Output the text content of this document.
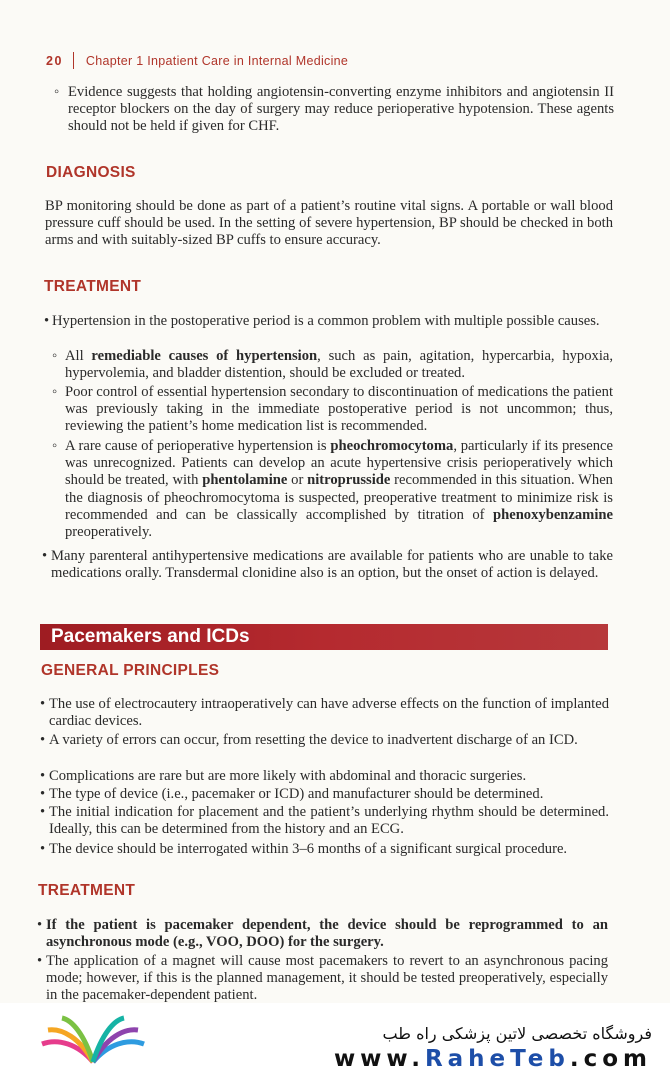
20 Chapter 1 Inpatient Care in Internal Medicine
◦ Evidence suggests that holding angiotensin-converting enzyme inhibitors and angiotensin II receptor blockers on the day of surgery may reduce perioperative hypotension. These agents should not be held if given for CHF.

DIAGNOSIS

BP monitoring should be done as part of a patient’s routine vital signs. A portable or wall blood pressure cuff should be used. In the setting of severe hypertension, BP should be checked in both arms and with suitably-sized BP cuffs to ensure accuracy.

TREATMENT
• Hypertension in the postoperative period is a common problem with multiple possible causes.

◦ All remediable causes of hypertension, such as pain, agitation, hypercarbia, hypoxia, hypervolemia, and bladder distention, should be excluded or treated.

◦ Poor control of essential hypertension secondary to discontinuation of medications the patient was previously taking in the immediate postoperative period is not uncommon; thus, reviewing the patient’s home medication list is recommended.

◦ A rare cause of perioperative hypertension is pheochromocytoma, particularly if its presence was unrecognized. Patients can develop an acute hypertensive crisis perioperatively which should be treated, with phentolamine or nitroprusside recommended in this situation. When the diagnosis of pheochromocytoma is suspected, preoperative treatment to minimize risk is recommended and can be classically accomplished by titration of phenoxybenzamine preoperatively.

• Many parenteral antihypertensive medications are available for patients who are unable to take medications orally. Transdermal clonidine also is an option, but the onset of action is delayed.

Pacemakers and ICDs
GENERAL PRINCIPLES
• The use of electrocautery intraoperatively can have adverse effects on the function of implanted cardiac devices.

• A variety of errors can occur, from resetting the device to inadvertent discharge of an ICD.

• Complications are rare but are more likely with abdominal and thoracic surgeries.

• The type of device (i.e., pacemaker or ICD) and manufacturer should be determined.

• The initial indication for placement and the patient’s underlying rhythm should be determined. Ideally, this can be determined from the history and an ECG.

• The device should be interrogated within 3–6 months of a significant surgical procedure.

TREATMENT
• If the patient is pacemaker dependent, the device should be reprogrammed to an asynchronous mode (e.g., VOO, DOO) for the surgery.

• The application of a magnet will cause most pacemakers to revert to an asynchronous pacing mode; however, if this is the planned management, it should be tested preoperatively, especially in the pacemaker-dependent patient.

فروشگاه تخصصی لاتین پزشکی راه طب
www.RaheTeb.com
